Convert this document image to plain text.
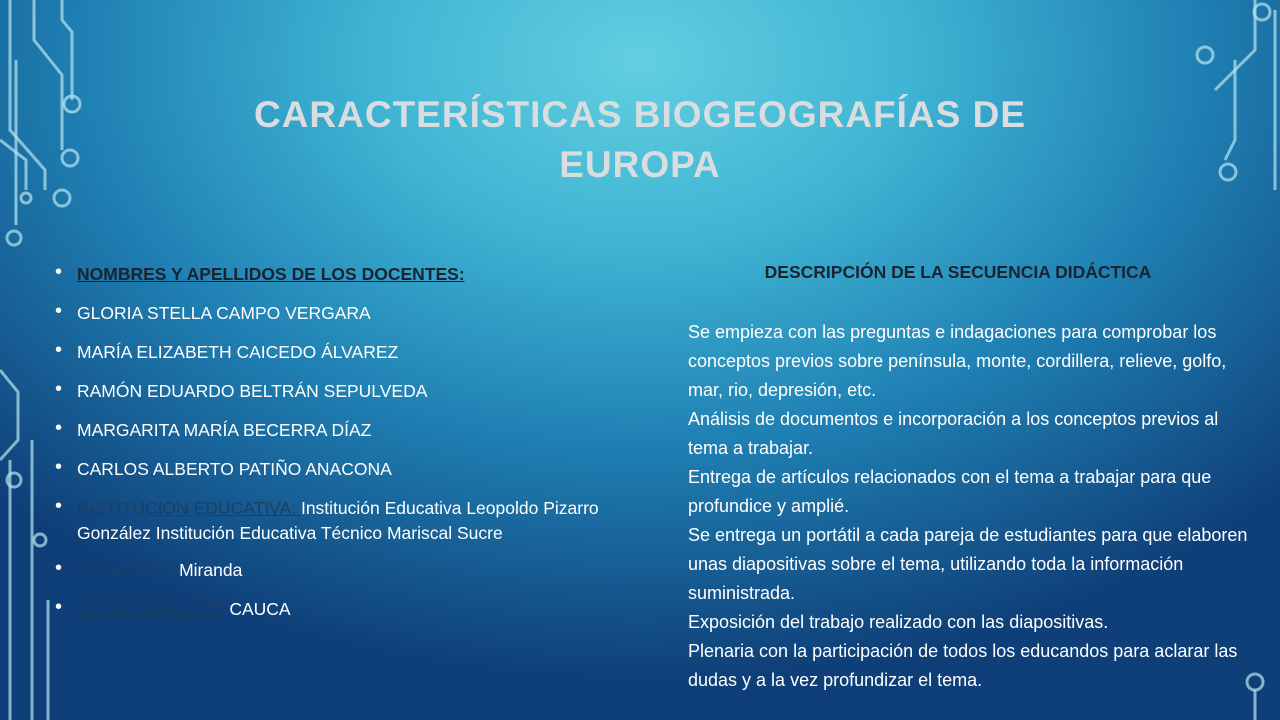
CARACTERÍSTICAS BIOGEOGRAFÍAS DE EUROPA
• NOMBRES Y APELLIDOS DE LOS DOCENTES:
• GLORIA STELLA CAMPO VERGARA
• MARÍA ELIZABETH CAICEDO ÁLVAREZ
• RAMÓN EDUARDO BELTRÁN SEPULVEDA
• MARGARITA MARÍA BECERRA DÍAZ
• CARLOS ALBERTO PATIÑO ANACONA
• INSTITUCION EDUCATIVA: Institución Educativa Leopoldo Pizarro González Institución Educativa Técnico Mariscal Sucre
• MUNICIPIO: Miranda
• DEPARTAMENTO: CAUCA
DESCRIPCIÓN DE LA SECUENCIA DIDÁCTICA

Se empieza con las preguntas e indagaciones para comprobar los conceptos previos sobre península, monte, cordillera, relieve, golfo, mar, rio, depresión, etc.

Análisis de documentos e incorporación a los conceptos previos al tema a trabajar.

Entrega de artículos relacionados con el tema a trabajar para que profundice y amplié.

Se entrega un portátil a cada pareja de estudiantes para que elaboren unas diapositivas sobre el tema, utilizando toda la información suministrada.

Exposición del trabajo realizado con las diapositivas.

Plenaria con la participación de todos los educandos para aclarar las dudas y a la vez profundizar el tema.
